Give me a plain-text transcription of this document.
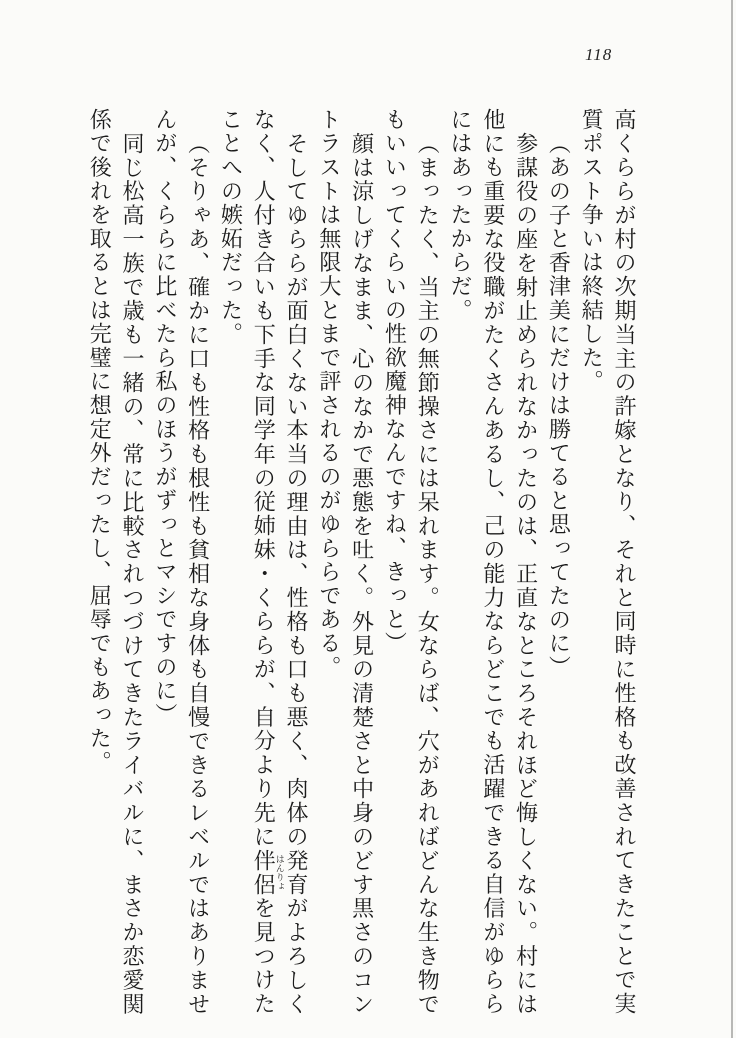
118

高くららが村の次期当主の許嫁となり、それと同時に性格も改善されてきたことで実質ポスト争いは終結した。

（あの子と香津美にだけは勝てると思ってたのに）

参謀役の座を射止められなかったのは、正直なところそれほど悔しくない。村には他にも重要な役職がたくさんあるし、己の能力ならどこでも活躍できる自信がゆららにはあったからだ。

（まったく、当主の無節操さには呆れます。女ならば、穴があればどんな生き物でもいいってくらいの性欲魔神なんですね、きっと）

顔は涼しげなまま、心のなかで悪態を吐く。外見の清楚さと中身のどす黒さのコントラストは無限大とまで評されるのがゆららである。

そしてゆららが面白くない本当の理由は、性格も口も悪く、肉体の発育がよろしくなく、人付き合いも下手な同学年の従姉妹・くららが、自分より先に伴侶はんりょを見つけたことへの嫉妬だった。

（そりゃあ、確かに口も性格も根性も貧相な身体も自慢できるレベルではありませんが、くららに比べたら私のほうがずっとマシですのに）

同じ松高一族で歳も一緒の、常に比較されつづけてきたライバルに、まさか恋愛関係で後れを取るとは完璧に想定外だったし、屈辱でもあった。
